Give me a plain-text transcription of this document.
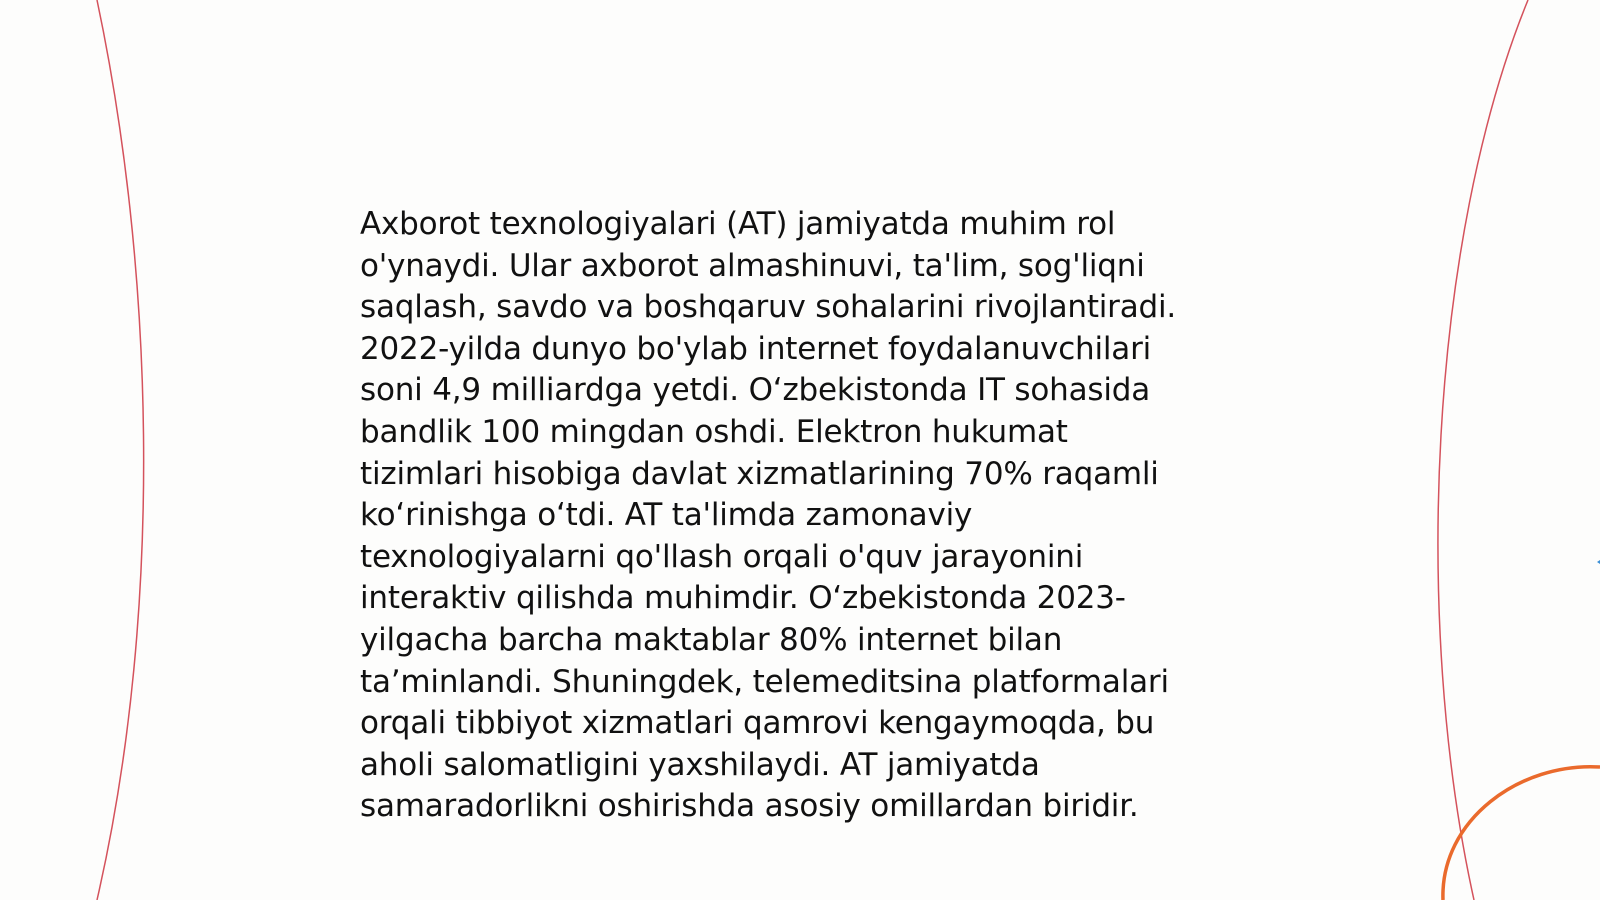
Axborot texnologiyalari (AT) jamiyatda muhim rol
o'ynaydi. Ular axborot almashinuvi, ta'lim, sog'liqni
saqlash, savdo va boshqaruv sohalarini rivojlantiradi.
2022-yilda dunyo bo'ylab internet foydalanuvchilari
soni 4,9 milliardga yetdi. O‘zbekistonda IT sohasida
bandlik 100 mingdan oshdi. Elektron hukumat
tizimlari hisobiga davlat xizmatlarining 70% raqamli
ko‘rinishga o‘tdi. AT ta'limda zamonaviy
texnologiyalarni qo'llash orqali o'quv jarayonini
interaktiv qilishda muhimdir. O‘zbekistonda 2023-
yilgacha barcha maktablar 80% internet bilan
ta’minlandi. Shuningdek, telemeditsina platformalari
orqali tibbiyot xizmatlari qamrovi kengaymoqda, bu
aholi salomatligini yaxshilaydi. AT jamiyatda
samaradorlikni oshirishda asosiy omillardan biridir.
